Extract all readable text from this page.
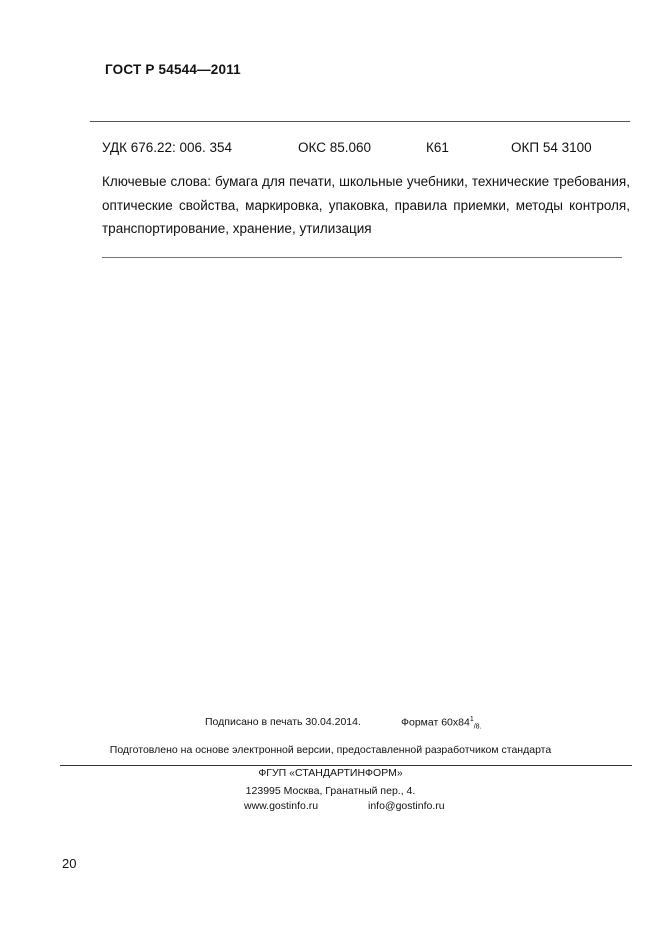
ГОСТ Р 54544—2011
УДК 676.22: 006. 354	ОКС 85.060	К61	ОКП 54 3100
Ключевые слова: бумага для печати, школьные учебники, технические требования,
оптические свойства, маркировка, упаковка, правила приемки, методы контроля,
транспортирование, хранение, утилизация
Подписано в печать 30.04.2014.	Формат $60х84^1_{/8.}$
Подготовлено на основе электронной версии, предоставленной разработчиком стандарта
ФГУП «СТАНДАРТИНФОРМ»
123995 Москва, Гранатный пер., 4.
www.gostinfo.ru	info@gostinfo.ru
20
